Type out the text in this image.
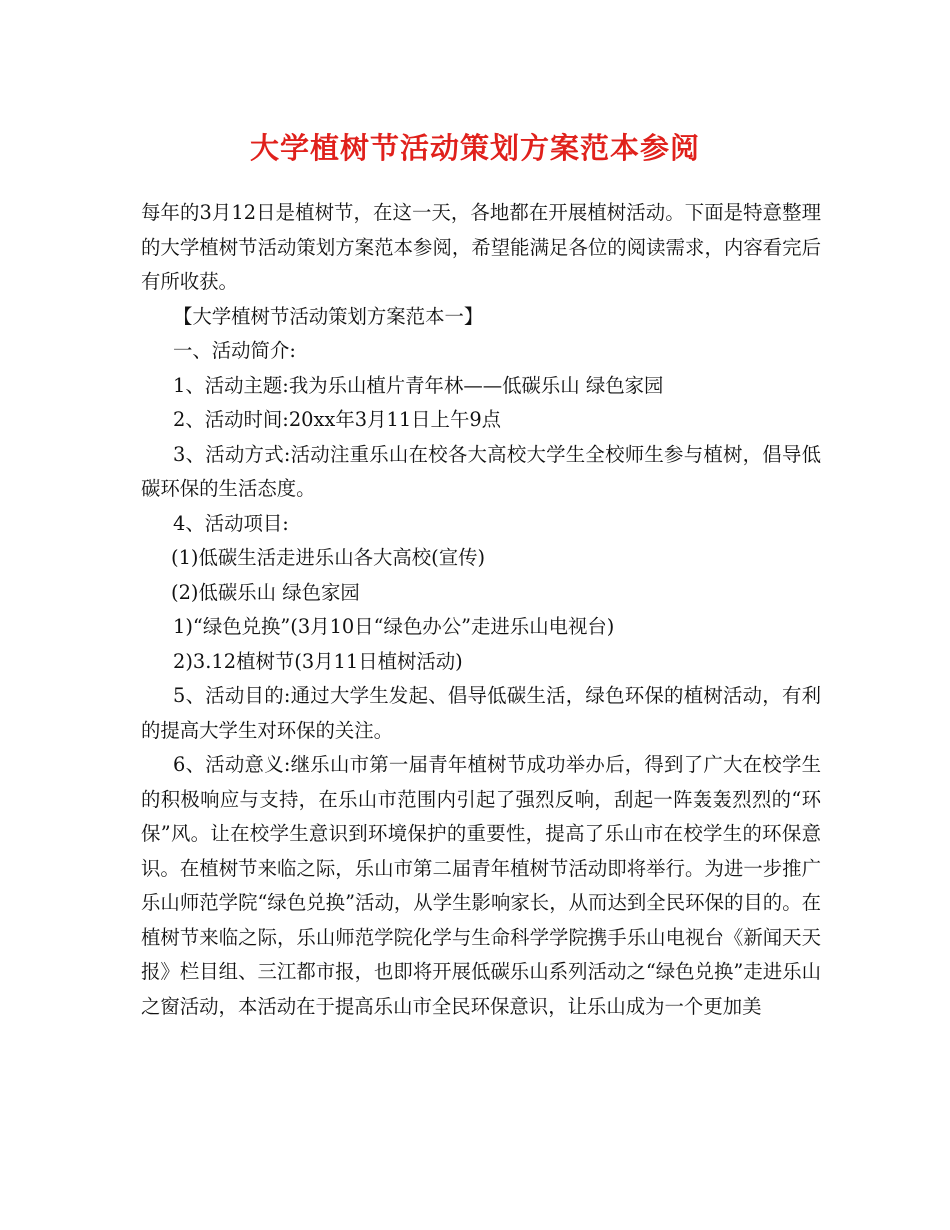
大学植树节活动策划方案范本参阅

每年的3月12日是植树节，在这一天，各地都在开展植树活动。下面是特意整理的大学植树节活动策划方案范本参阅，希望能满足各位的阅读需求，内容看完后有所收获。

【大学植树节活动策划方案范本一】

一、活动简介:

1、活动主题:我为乐山植片青年林——低碳乐山 绿色家园

2、活动时间:20xx年3月11日上午9点

3、活动方式:活动注重乐山在校各大高校大学生全校师生参与植树，倡导低碳环保的生活态度。

4、活动项目:

(1)低碳生活走进乐山各大高校(宣传)

(2)低碳乐山 绿色家园

1)“绿色兑换”(3月10日“绿色办公”走进乐山电视台)

2)3.12植树节(3月11日植树活动)

5、活动目的:通过大学生发起、倡导低碳生活，绿色环保的植树活动，有利的提高大学生对环保的关注。

6、活动意义:继乐山市第一届青年植树节成功举办后，得到了广大在校学生的积极响应与支持，在乐山市范围内引起了强烈反响，刮起一阵轰轰烈烈的“环保”风。让在校学生意识到环境保护的重要性，提高了乐山市在校学生的环保意识。在植树节来临之际，乐山市第二届青年植树节活动即将举行。为进一步推广乐山师范学院“绿色兑换”活动，从学生影响家长，从而达到全民环保的目的。在植树节来临之际，乐山师范学院化学与生命科学学院携手乐山电视台《新闻天天报》栏目组、三江都市报，也即将开展低碳乐山系列活动之“绿色兑换”走进乐山之窗活动，本活动在于提高乐山市全民环保意识，让乐山成为一个更加美
